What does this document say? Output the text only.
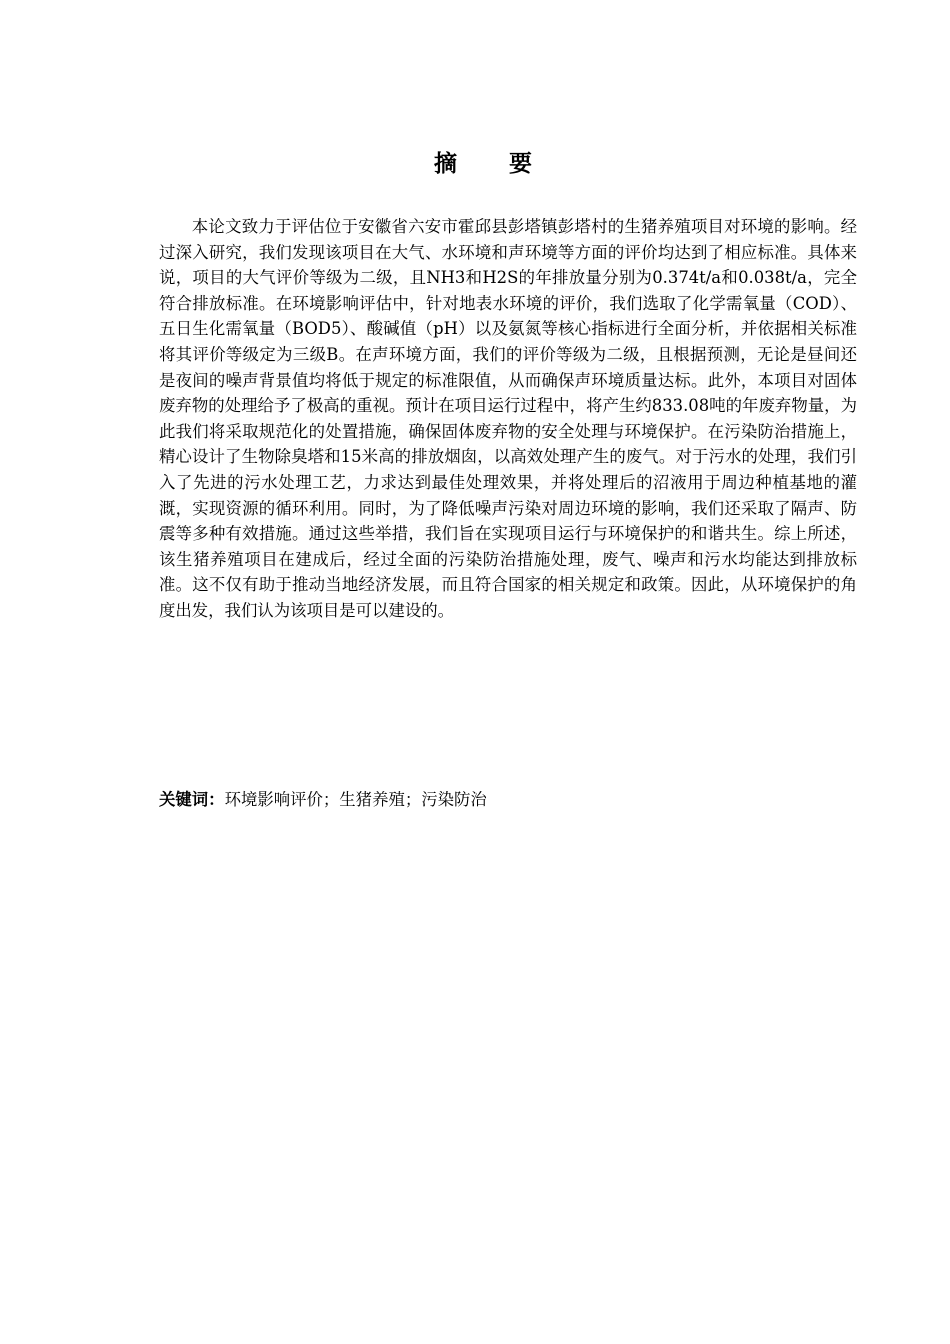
摘要

本论文致力于评估位于安徽省六安市霍邱县彭塔镇彭塔村的生猪养殖项目对环境的影响。经过深入研究，我们发现该项目在大气、水环境和声环境等方面的评价均达到了相应标准。具体来说，项目的大气评价等级为二级，且NH3和H2S的年排放量分别为0.374t/a和0.038t/a，完全符合排放标准。在环境影响评估中，针对地表水环境的评价，我们选取了化学需氧量（COD）、五日生化需氧量（BOD5）、酸碱值（pH）以及氨氮等核心指标进行全面分析，并依据相关标准将其评价等级定为三级B。在声环境方面，我们的评价等级为二级，且根据预测，无论是昼间还是夜间的噪声背景值均将低于规定的标准限值，从而确保声环境质量达标。此外，本项目对固体废弃物的处理给予了极高的重视。预计在项目运行过程中，将产生约833.08吨的年废弃物量，为此我们将采取规范化的处置措施，确保固体废弃物的安全处理与环境保护。在污染防治措施上，精心设计了生物除臭塔和15米高的排放烟囱，以高效处理产生的废气。对于污水的处理，我们引入了先进的污水处理工艺，力求达到最佳处理效果，并将处理后的沼液用于周边种植基地的灌溉，实现资源的循环利用。同时，为了降低噪声污染对周边环境的影响，我们还采取了隔声、防震等多种有效措施。通过这些举措，我们旨在实现项目运行与环境保护的和谐共生。综上所述，该生猪养殖项目在建成后，经过全面的污染防治措施处理，废气、噪声和污水均能达到排放标准。这不仅有助于推动当地经济发展，而且符合国家的相关规定和政策。因此，从环境保护的角度出发，我们认为该项目是可以建设的。

关键词：环境影响评价；生猪养殖；污染防治
